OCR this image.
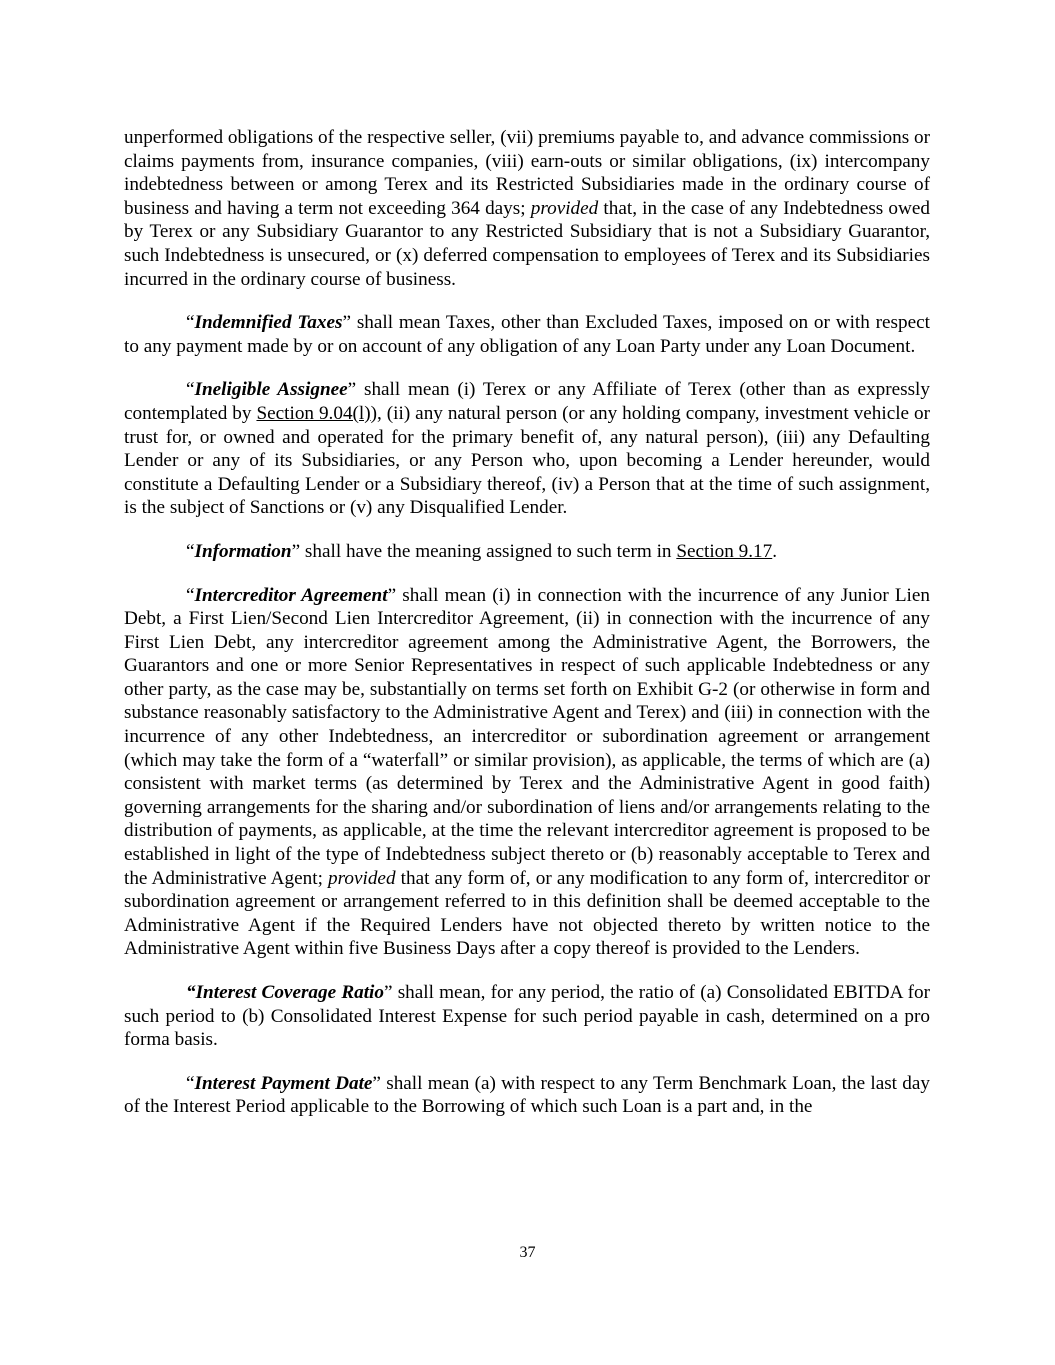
unperformed obligations of the respective seller, (vii) premiums payable to, and advance commissions or claims payments from, insurance companies, (viii) earn-outs or similar obligations, (ix) intercompany indebtedness between or among Terex and its Restricted Subsidiaries made in the ordinary course of business and having a term not exceeding 364 days; provided that, in the case of any Indebtedness owed by Terex or any Subsidiary Guarantor to any Restricted Subsidiary that is not a Subsidiary Guarantor, such Indebtedness is unsecured, or (x) deferred compensation to employees of Terex and its Subsidiaries incurred in the ordinary course of business.

“Indemnified Taxes” shall mean Taxes, other than Excluded Taxes, imposed on or with respect to any payment made by or on account of any obligation of any Loan Party under any Loan Document.

“Ineligible Assignee” shall mean (i) Terex or any Affiliate of Terex (other than as expressly contemplated by Section 9.04(l)), (ii) any natural person (or any holding company, investment vehicle or trust for, or owned and operated for the primary benefit of, any natural person), (iii) any Defaulting Lender or any of its Subsidiaries, or any Person who, upon becoming a Lender hereunder, would constitute a Defaulting Lender or a Subsidiary thereof, (iv) a Person that at the time of such assignment, is the subject of Sanctions or (v) any Disqualified Lender.

“Information” shall have the meaning assigned to such term in Section 9.17.

“Intercreditor Agreement” shall mean (i) in connection with the incurrence of any Junior Lien Debt, a First Lien/Second Lien Intercreditor Agreement, (ii) in connection with the incurrence of any First Lien Debt, any intercreditor agreement among the Administrative Agent, the Borrowers, the Guarantors and one or more Senior Representatives in respect of such applicable Indebtedness or any other party, as the case may be, substantially on terms set forth on Exhibit G-2 (or otherwise in form and substance reasonably satisfactory to the Administrative Agent and Terex) and (iii) in connection with the incurrence of any other Indebtedness, an intercreditor or subordination agreement or arrangement (which may take the form of a “waterfall” or similar provision), as applicable, the terms of which are (a) consistent with market terms (as determined by Terex and the Administrative Agent in good faith) governing arrangements for the sharing and/or subordination of liens and/or arrangements relating to the distribution of payments, as applicable, at the time the relevant intercreditor agreement is proposed to be established in light of the type of Indebtedness subject thereto or (b) reasonably acceptable to Terex and the Administrative Agent; provided that any form of, or any modification to any form of, intercreditor or subordination agreement or arrangement referred to in this definition shall be deemed acceptable to the Administrative Agent if the Required Lenders have not objected thereto by written notice to the Administrative Agent within five Business Days after a copy thereof is provided to the Lenders.

“Interest Coverage Ratio” shall mean, for any period, the ratio of (a) Consolidated EBITDA for such period to (b) Consolidated Interest Expense for such period payable in cash, determined on a pro forma basis.

“Interest Payment Date” shall mean (a) with respect to any Term Benchmark Loan, the last day of the Interest Period applicable to the Borrowing of which such Loan is a part and, in the

37
